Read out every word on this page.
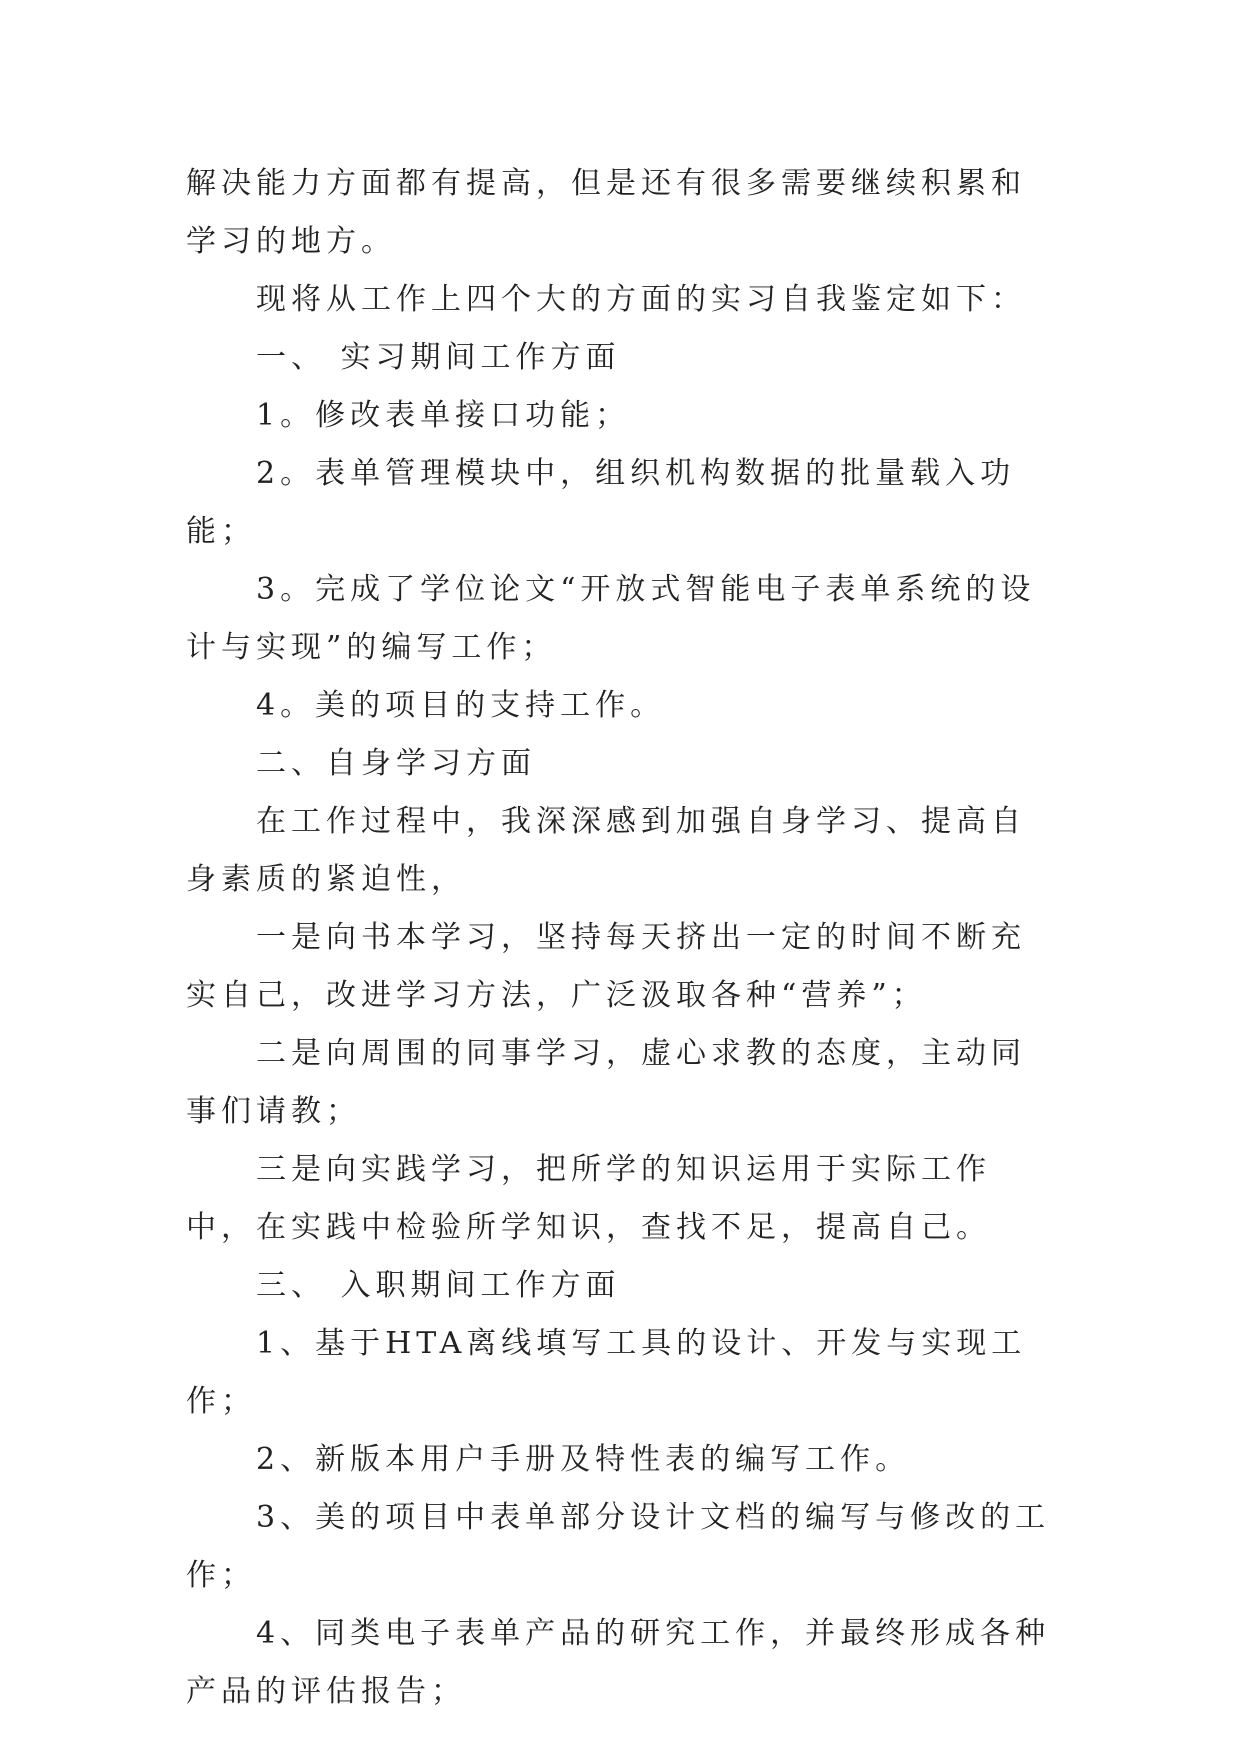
解决能力方面都有提高，但是还有很多需要继续积累和学习的地方。

现将从工作上四个大的方面的实习自我鉴定如下：

一、 实习期间工作方面

1。修改表单接口功能；

2。表单管理模块中，组织机构数据的批量载入功能；

3。完成了学位论文“开放式智能电子表单系统的设计与实现”的编写工作；

4。美的项目的支持工作。

二、自身学习方面

在工作过程中，我深深感到加强自身学习、提高自身素质的紧迫性，

一是向书本学习，坚持每天挤出一定的时间不断充实自己，改进学习方法，广泛汲取各种“营养”；

二是向周围的同事学习，虚心求教的态度，主动同事们请教；

三是向实践学习，把所学的知识运用于实际工作中，在实践中检验所学知识，查找不足，提高自己。

三、 入职期间工作方面

1、基于HTA离线填写工具的设计、开发与实现工作；

2、新版本用户手册及特性表的编写工作。

3、美的项目中表单部分设计文档的编写与修改的工作；

4、同类电子表单产品的研究工作，并最终形成各种产品的评估报告；
